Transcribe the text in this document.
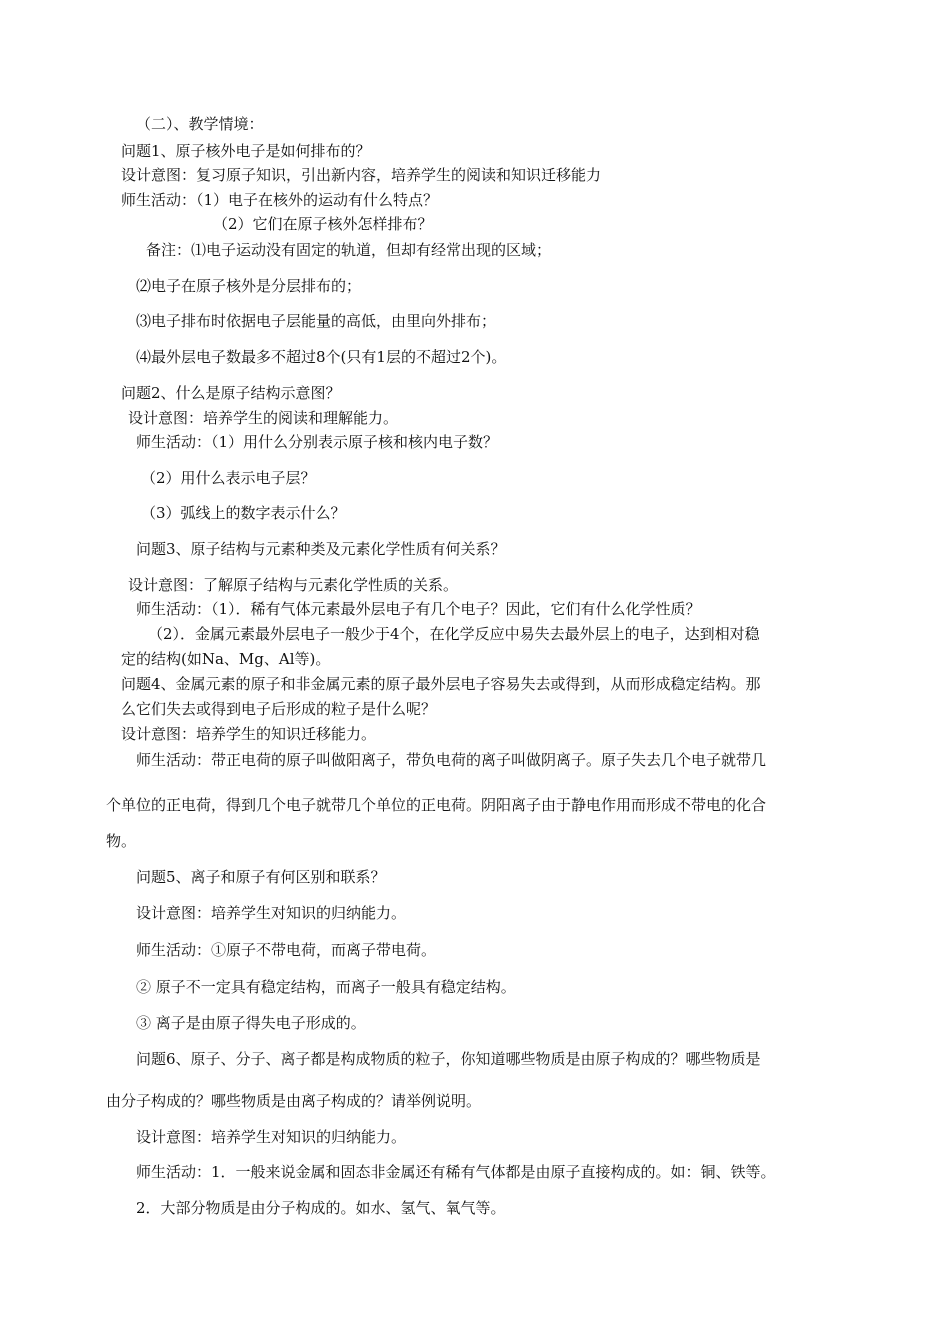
（二）、教学情境：
问题1、原子核外电子是如何排布的？
设计意图：复习原子知识，引出新内容，培养学生的阅读和知识迁移能力
师生活动：（1）电子在核外的运动有什么特点？
（2）它们在原子核外怎样排布？
备注：⑴电子运动没有固定的轨道，但却有经常出现的区域；
⑵电子在原子核外是分层排布的；
⑶电子排布时依据电子层能量的高低，由里向外排布；
⑷最外层电子数最多不超过8个(只有1层的不超过2个)。
问题2、什么是原子结构示意图？
设计意图：培养学生的阅读和理解能力。
师生活动：（1）用什么分别表示原子核和核内电子数？
（2）用什么表示电子层？
（3）弧线上的数字表示什么？
问题3、原子结构与元素种类及元素化学性质有何关系？
设计意图：了解原子结构与元素化学性质的关系。
师生活动：（1）．稀有气体元素最外层电子有几个电子？因此，它们有什么化学性质？
（2）．金属元素最外层电子一般少于4个，在化学反应中易失去最外层上的电子，达到相对稳
定的结构(如Na、Mg、Al等)。
问题4、金属元素的原子和非金属元素的原子最外层电子容易失去或得到，从而形成稳定结构。那
么它们失去或得到电子后形成的粒子是什么呢？
设计意图：培养学生的知识迁移能力。
师生活动：带正电荷的原子叫做阳离子，带负电荷的离子叫做阴离子。原子失去几个电子就带几
个单位的正电荷，得到几个电子就带几个单位的正电荷。阴阳离子由于静电作用而形成不带电的化合
物。
问题5、离子和原子有何区别和联系？
设计意图：培养学生对知识的归纳能力。
师生活动：①原子不带电荷，而离子带电荷。
② 原子不一定具有稳定结构，而离子一般具有稳定结构。
③ 离子是由原子得失电子形成的。
问题6、原子、分子、离子都是构成物质的粒子，你知道哪些物质是由原子构成的？哪些物质是
由分子构成的？哪些物质是由离子构成的？请举例说明。
设计意图：培养学生对知识的归纳能力。
师生活动：1．一般来说金属和固态非金属还有稀有气体都是由原子直接构成的。如：铜、铁等。
2．大部分物质是由分子构成的。如水、氢气、氧气等。
